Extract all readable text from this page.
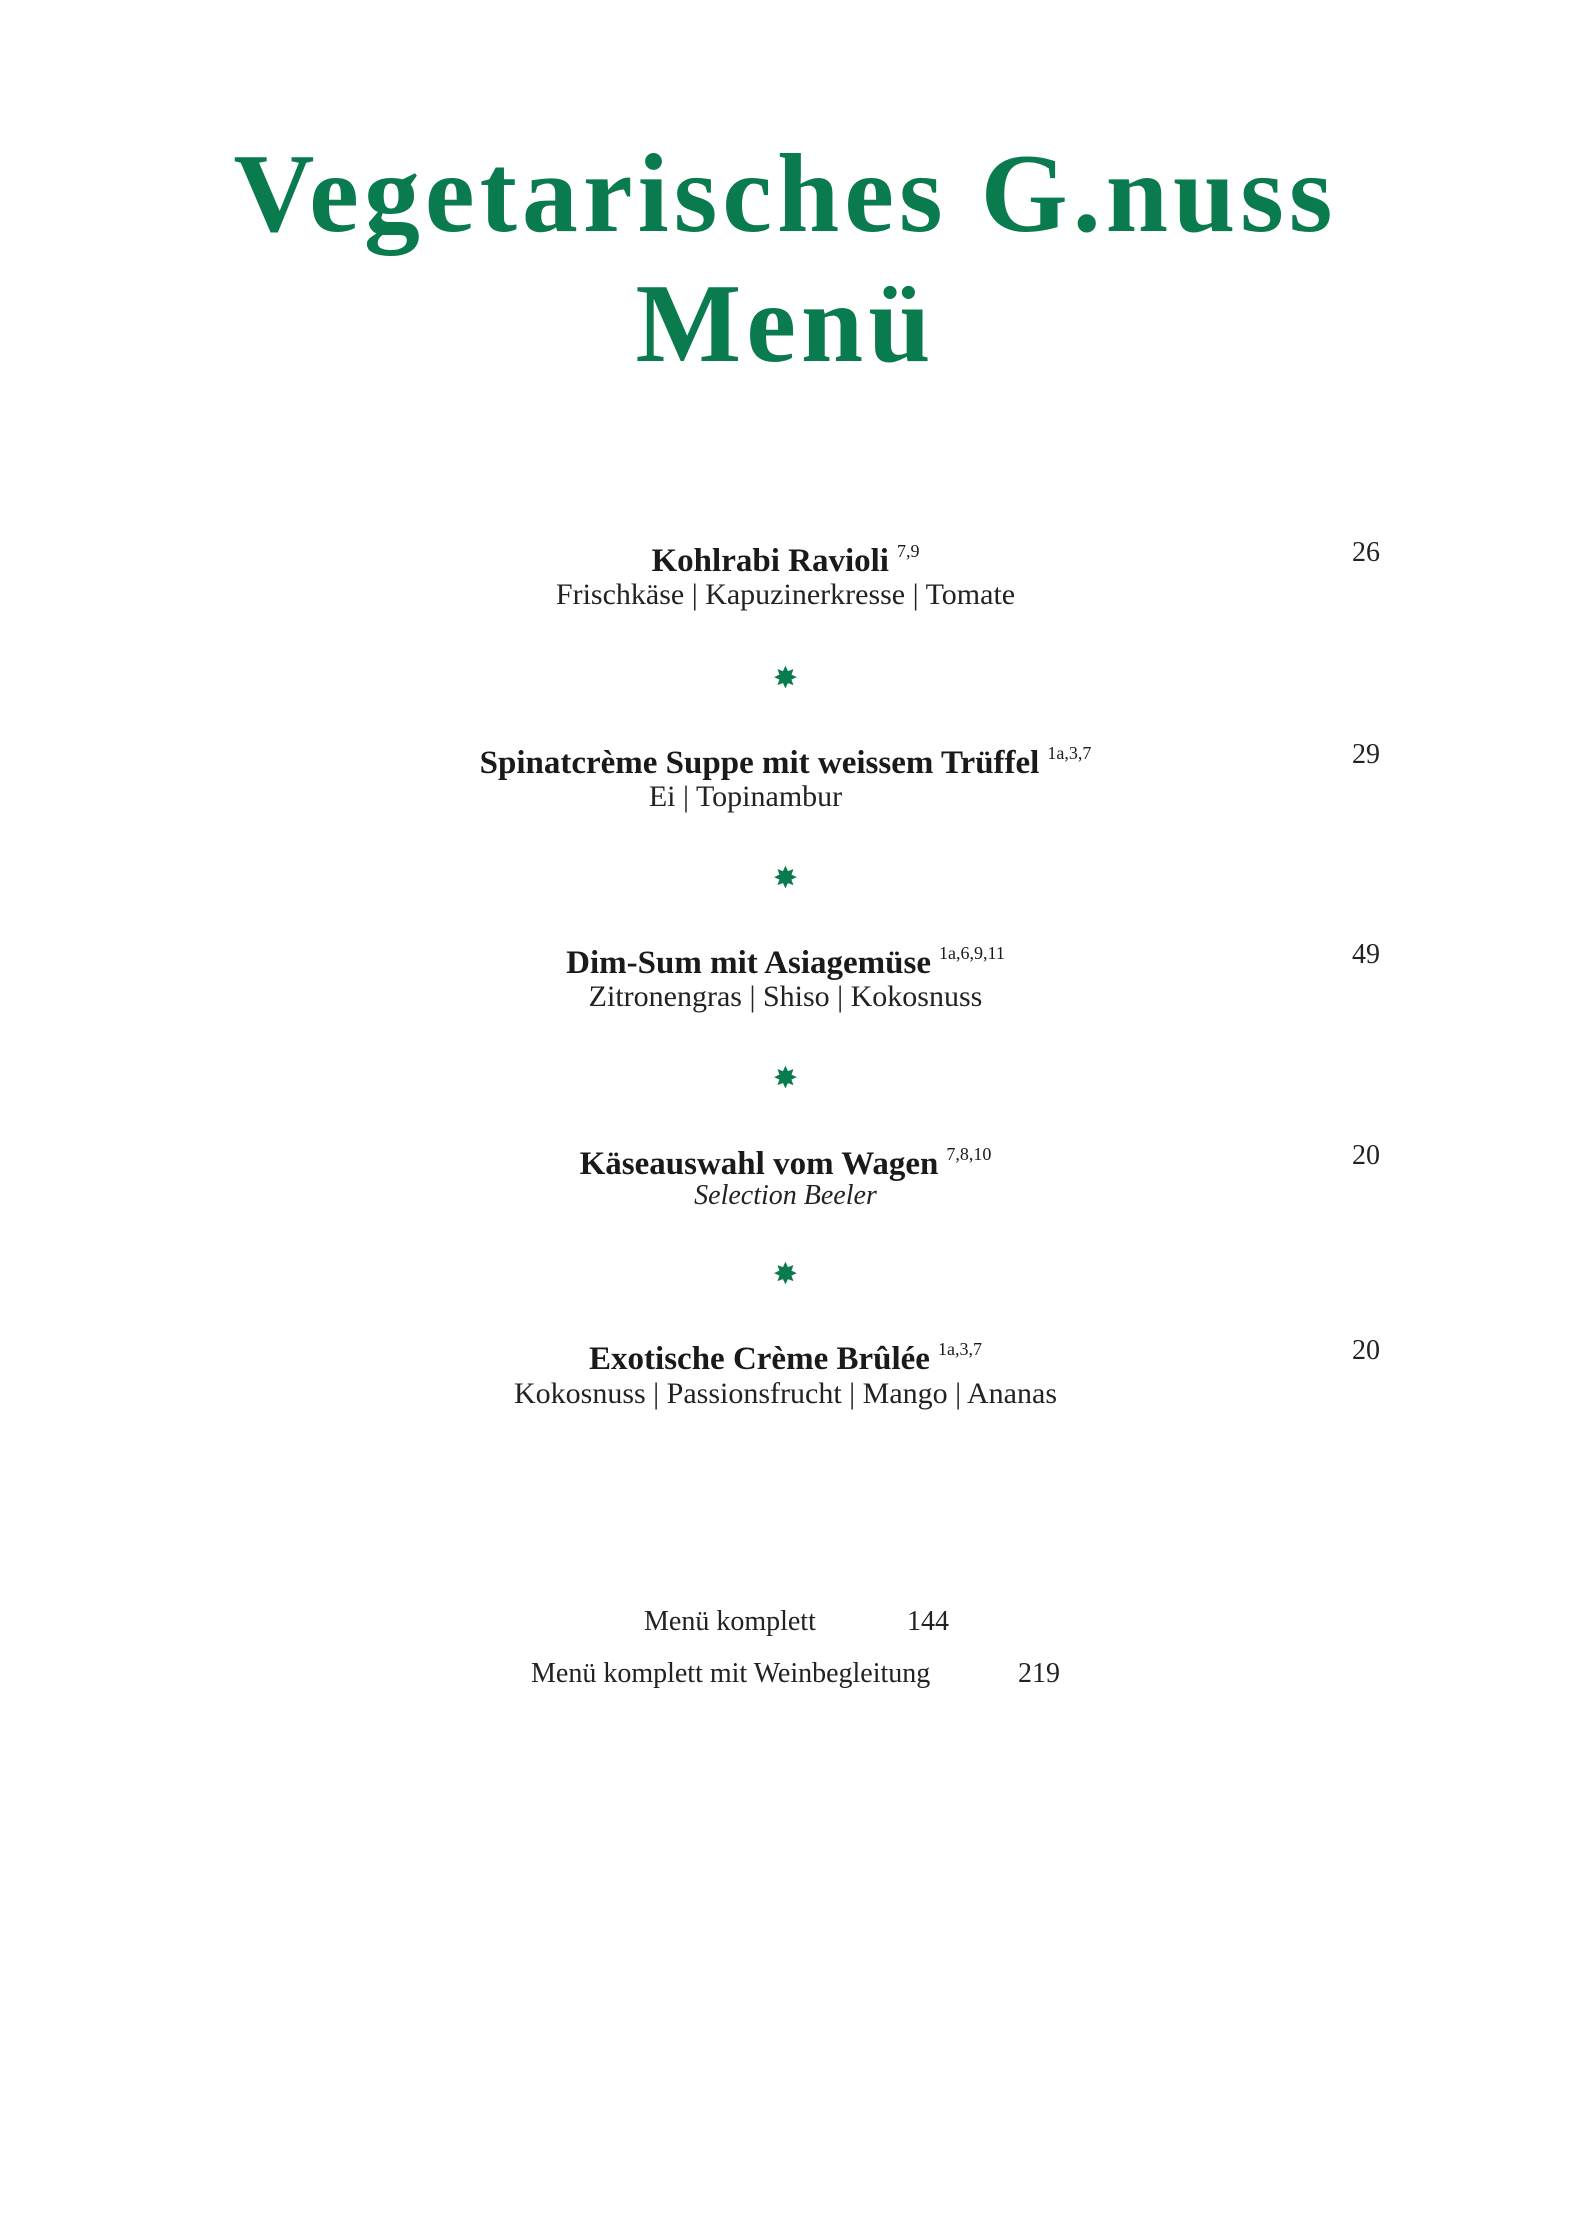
Vegetarisches G.nuss
Menü
Kohlrabi Ravioli $^{7,9}$	26
Frischkäse | Kapuzinerkresse | Tomate
✸
Spinatcrème Suppe mit weissem Trüffel $^{1a,3,7}$	29
Ei | Topinambur
✸
Dim-Sum mit Asiagemüse $^{1a,6,9,11}$	49
Zitronengras | Shiso | Kokosnuss
✸
Käseauswahl vom Wagen $^{7,8,10}$	20
Selection Beeler
✸
Exotische Crème Brûlée $^{1a,3,7}$	20
Kokosnuss | Passionsfrucht | Mango | Ananas
Menü komplett	144
Menü komplett mit Weinbegleitung	219
